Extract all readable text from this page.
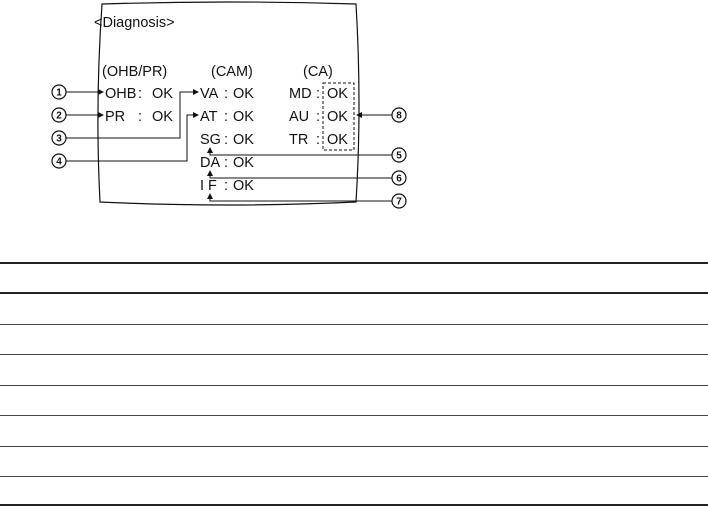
<Diagnosis>
(OHB/PR)	(CAM)	(CA)
OHB : OK
PR : OK
VA : OK
AT : OK
SG : OK
DA : OK
I F : OK
MD : OK
AU : OK
TR : OK
1
2
3
4
5
6
7
8
